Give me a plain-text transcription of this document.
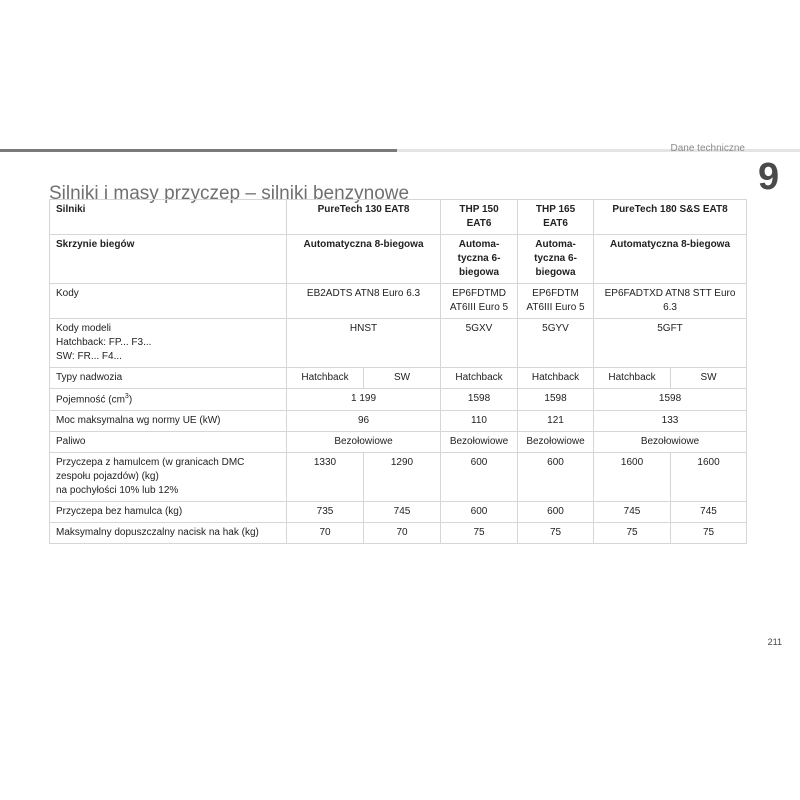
Dane techniczne
9
Silniki i masy przyczep – silniki benzynowe
Silniki	PureTech 130 EAT8		THP 150 EAT6	THP 165 EAT6	PureTech 180 S&S EAT8	
Skrzynie biegów	Automatyczna 8-biegowa		Automa-tyczna 6-biegowa	Automa-tyczna 6-biegowa	Automatyczna 8-biegowa	
Kody	EB2ADTS ATN8 Euro 6.3		EP6FDTMD AT6III Euro 5	EP6FDTM AT6III Euro 5	EP6FADTXD ATN8 STT Euro 6.3	

Kody modeli
Hatchback: FP... F3...
SW: FR... F4...	HNST		5GXV	5GYV	5GFT	
Typy nadwozia	Hatchback	SW	Hatchback	Hatchback	Hatchback	SW
Pojemność $(cm^3)$	1 199		1598	1598	1598	
Moc maksymalna wg normy UE (kW)	96		110	121	133	
Paliwo	Bezołowiowe		Bezołowiowe	Bezołowiowe	Bezołowiowe	

Przyczepa z hamulcem (w granicach DMC zespołu pojazdów) (kg)
na pochyłości 10% lub 12%	1330	1290	600	600	1600	1600
Przyczepa bez hamulca (kg)	735	745	600	600	745	745
Maksymalny dopuszczalny nacisk na hak (kg)	70	70	75	75	75	75
211
